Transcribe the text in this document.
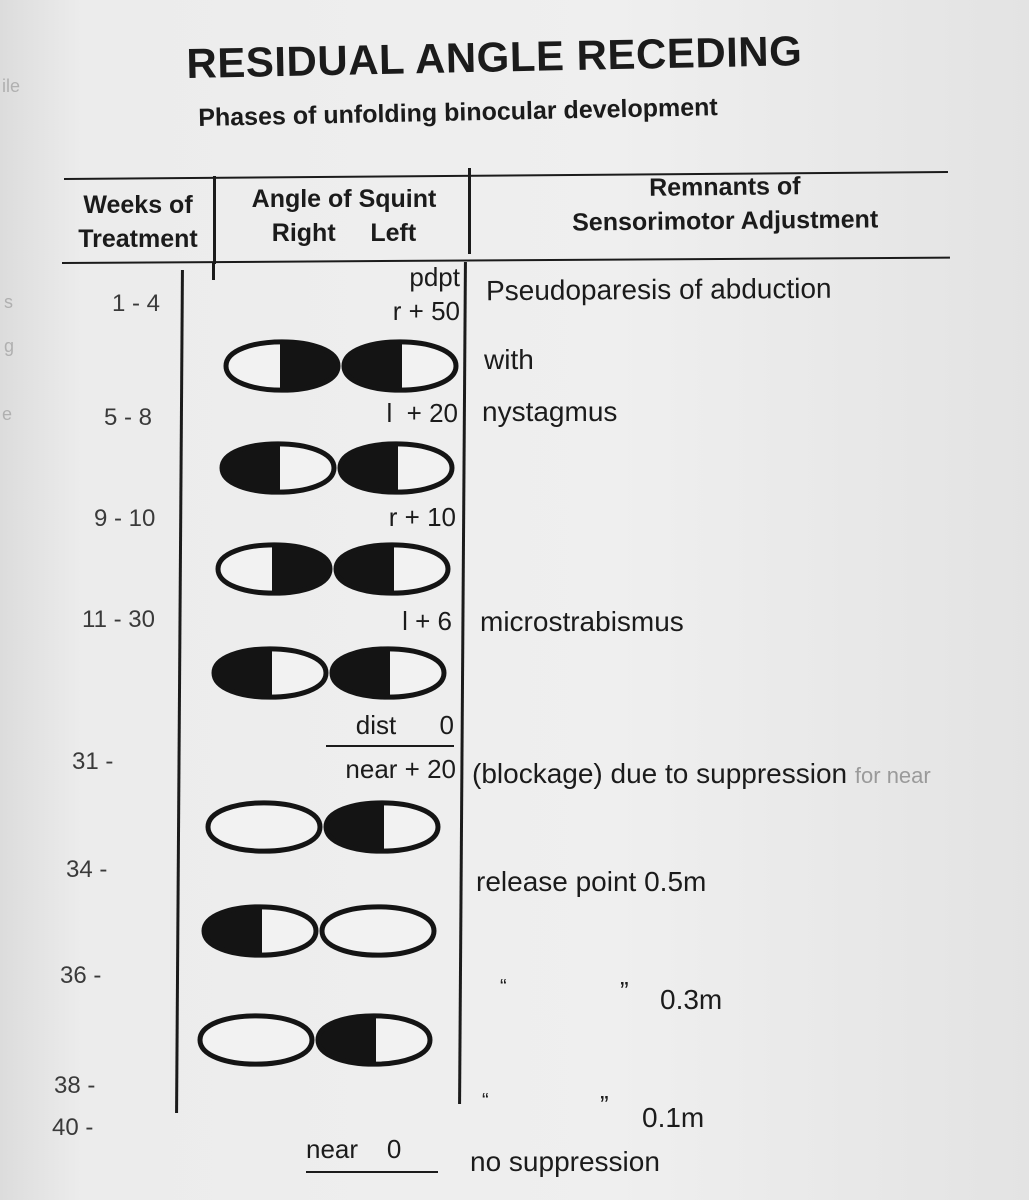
ile
s
g
e
RESIDUAL ANGLE RECEDING
Phases of unfolding binocular development
Weeks of
Treatment
Angle of Squint
Right     Left
Remnants of
Sensorimotor Adjustment
1 - 4
5 - 8
9 - 10
11 - 30
31 -
34 -
36 -
38 -
40 -
pdpt
r + 50
l  + 20
r + 10
l + 6
dist      0
near + 20
near    0
Pseudoparesis of abduction
with
nystagmus
microstrabismus
(blockage) due to suppression for near
release point 0.5m
“	” 0.3m
“	” 0.1m
no suppression
